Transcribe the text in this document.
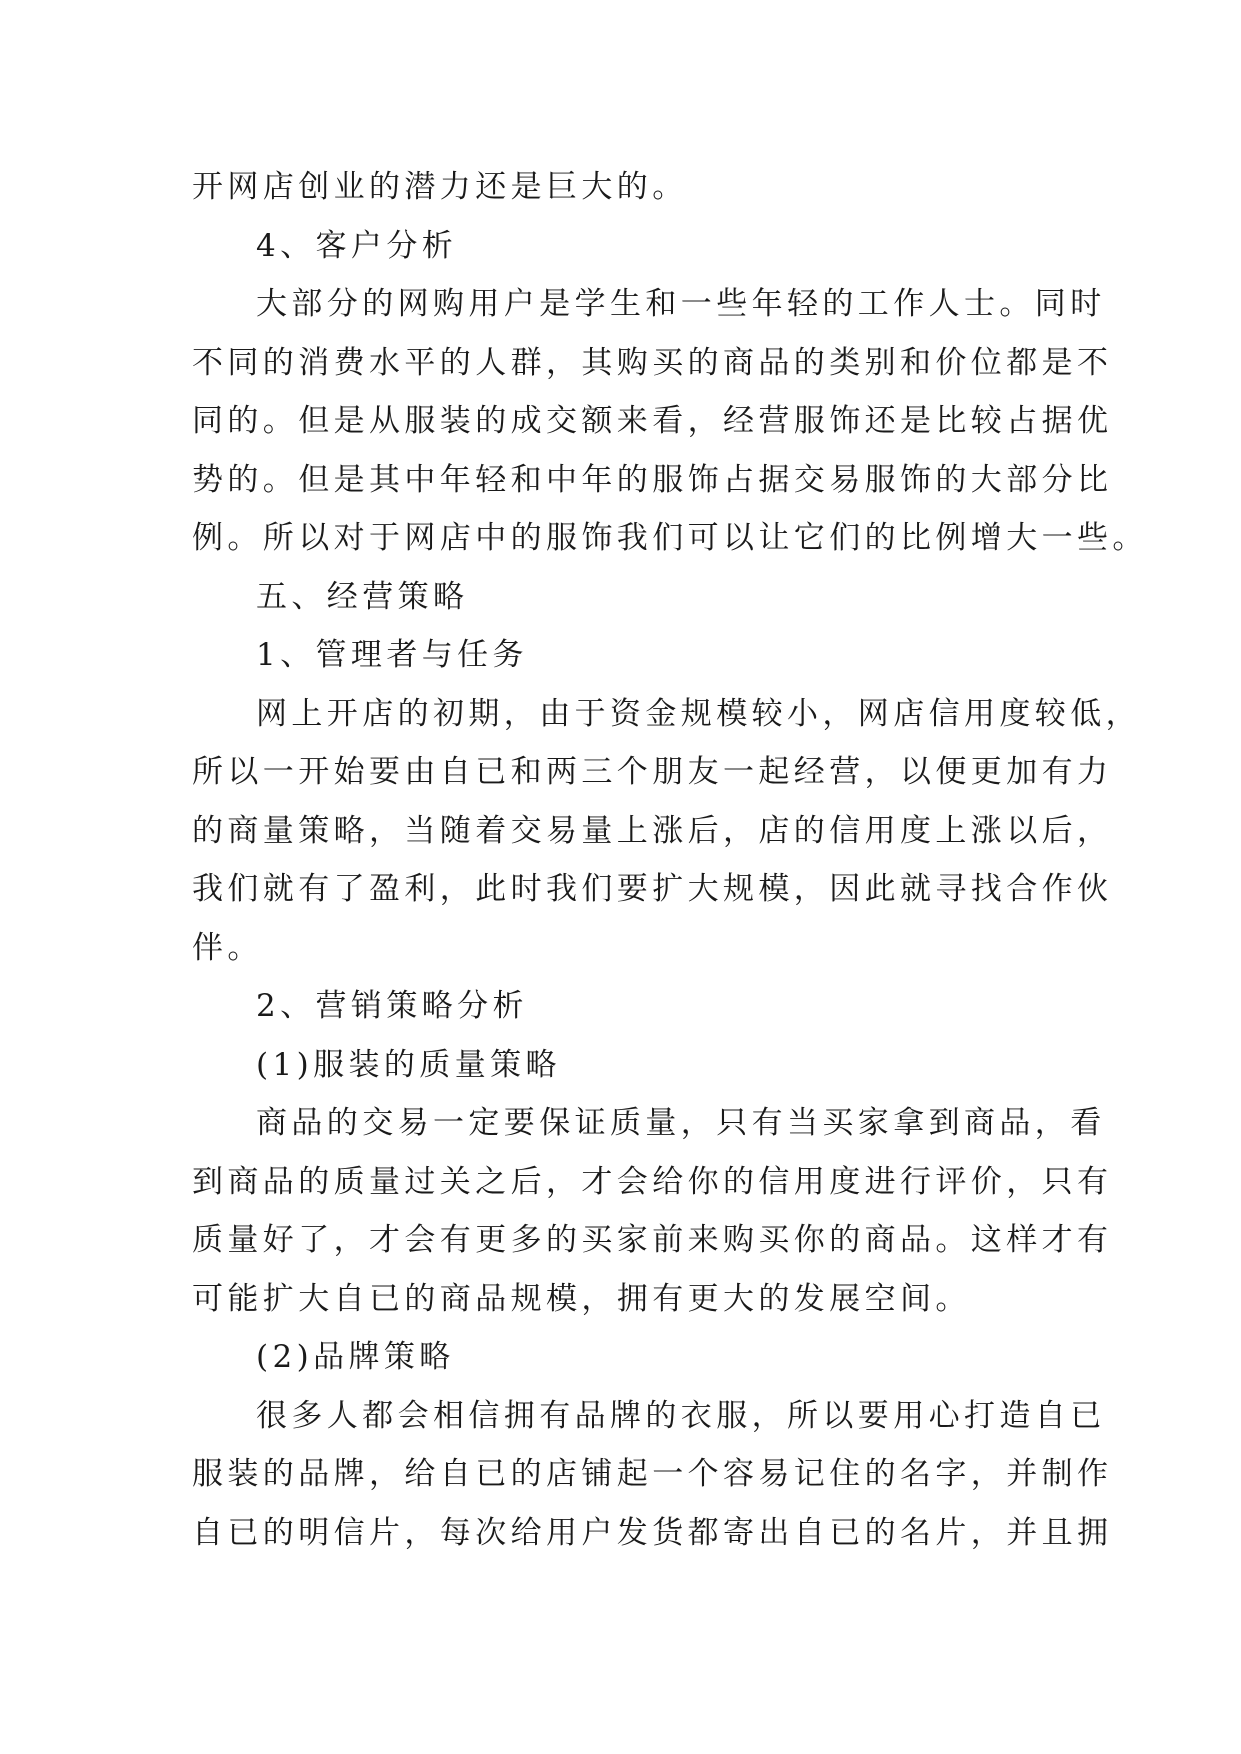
开网店创业的潜力还是巨大的。
4、客户分析
大部分的网购用户是学生和一些年轻的工作人士。同时
不同的消费水平的人群，其购买的商品的类别和价位都是不
同的。但是从服装的成交额来看，经营服饰还是比较占据优
势的。但是其中年轻和中年的服饰占据交易服饰的大部分比
例。所以对于网店中的服饰我们可以让它们的比例增大一些。
五、经营策略
1、管理者与任务
网上开店的初期，由于资金规模较小，网店信用度较低，
所以一开始要由自已和两三个朋友一起经营，以便更加有力
的商量策略，当随着交易量上涨后，店的信用度上涨以后，
我们就有了盈利，此时我们要扩大规模，因此就寻找合作伙
伴。
2、营销策略分析
(1)服装的质量策略
商品的交易一定要保证质量，只有当买家拿到商品，看
到商品的质量过关之后，才会给你的信用度进行评价，只有
质量好了，才会有更多的买家前来购买你的商品。这样才有
可能扩大自已的商品规模，拥有更大的发展空间。
(2)品牌策略
很多人都会相信拥有品牌的衣服，所以要用心打造自已
服装的品牌，给自已的店铺起一个容易记住的名字，并制作
自已的明信片，每次给用户发货都寄出自已的名片，并且拥
